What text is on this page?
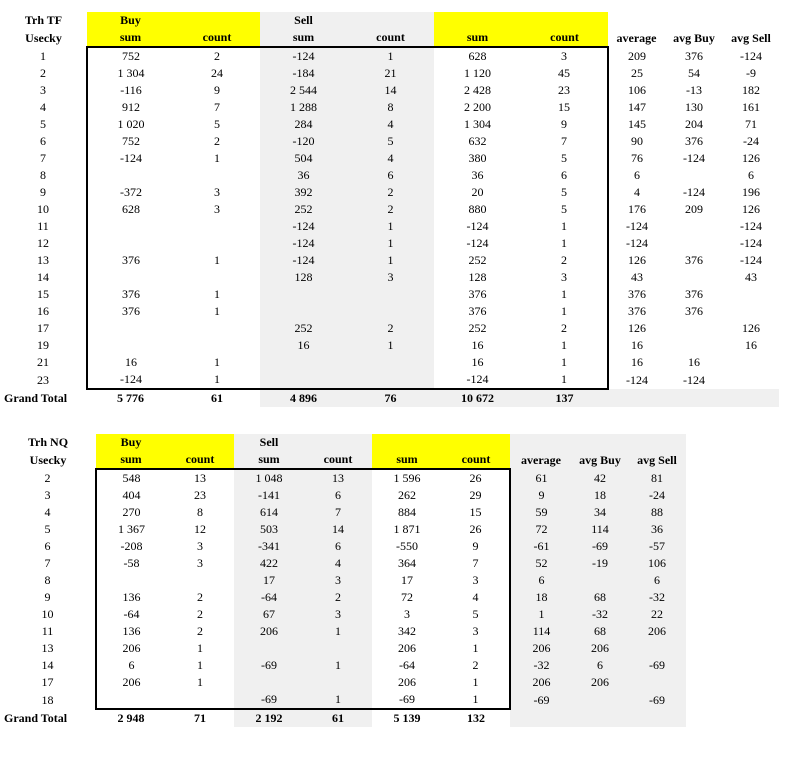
Trh TF	Buy		Sell						
Usecky	sum	count	sum	count	sum	count	average	avg Buy	avg Sell
1	752	2	-124	1	628	3	209	376	-124
2	1 304	24	-184	21	1 120	45	25	54	-9
3	-116	9	2 544	14	2 428	23	106	-13	182
4	912	7	1 288	8	2 200	15	147	130	161
5	1 020	5	284	4	1 304	9	145	204	71
6	752	2	-120	5	632	7	90	376	-24
7	-124	1	504	4	380	5	76	-124	126
8			36	6	36	6	6		6
9	-372	3	392	2	20	5	4	-124	196
10	628	3	252	2	880	5	176	209	126
11			-124	1	-124	1	-124		-124
12			-124	1	-124	1	-124		-124
13	376	1	-124	1	252	2	126	376	-124
14			128	3	128	3	43		43
15	376	1			376	1	376	376	
16	376	1			376	1	376	376	
17			252	2	252	2	126		126
19			16	1	16	1	16		16
21	16	1			16	1	16	16	
23	-124	1			-124	1	-124	-124	
Grand Total	5 776	61	4 896	76	10 672	137			
Trh NQ	Buy		Sell						
Usecky	sum	count	sum	count	sum	count	average	avg Buy	avg Sell
2	548	13	1 048	13	1 596	26	61	42	81
3	404	23	-141	6	262	29	9	18	-24
4	270	8	614	7	884	15	59	34	88
5	1 367	12	503	14	1 871	26	72	114	36
6	-208	3	-341	6	-550	9	-61	-69	-57
7	-58	3	422	4	364	7	52	-19	106
8			17	3	17	3	6		6
9	136	2	-64	2	72	4	18	68	-32
10	-64	2	67	3	3	5	1	-32	22
11	136	2	206	1	342	3	114	68	206
13	206	1			206	1	206	206	
14	6	1	-69	1	-64	2	-32	6	-69
17	206	1			206	1	206	206	
18			-69	1	-69	1	-69		-69
Grand Total	2 948	71	2 192	61	5 139	132			
